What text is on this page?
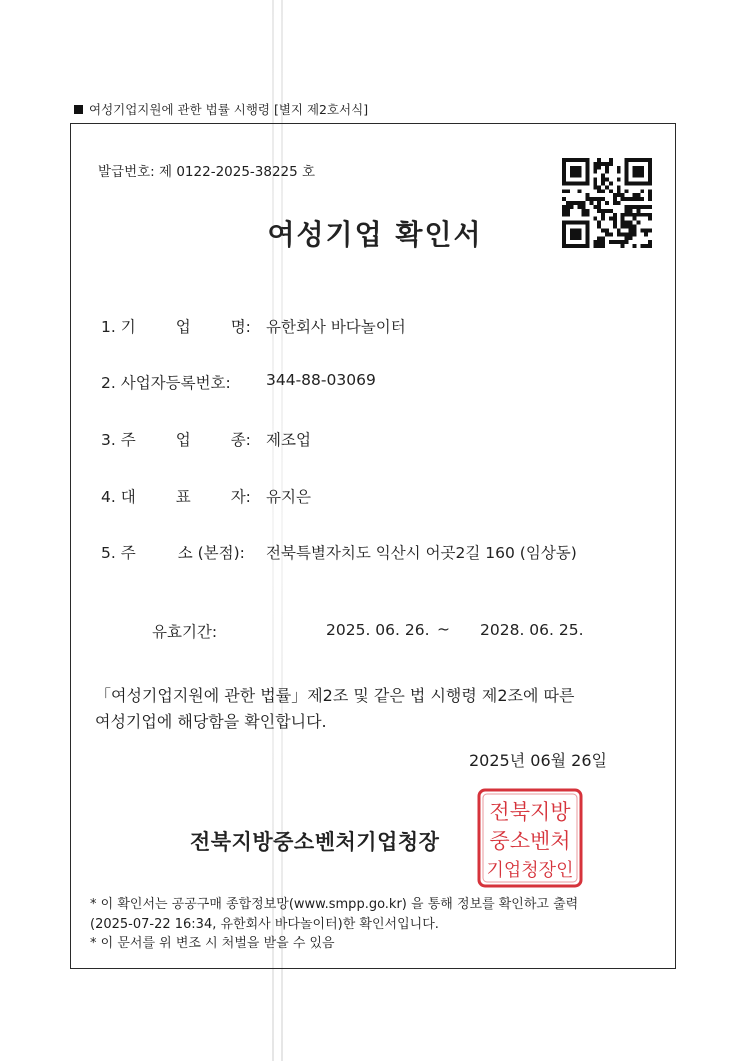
여성기업지원에 관한 법률 시행령 [별지 제2호서식]
발급번호: 제 0122-2025-38225 호
여성기업 확인서
1. 기	업	명: 유한회사 바다놀이터
2. 사업자등록번호: 344-88-03069
3. 주	업	종: 제조업
4. 대	표	자: 유지은
5. 주	소 (본점): 전북특별자치도 익산시 어곳2길 160 (임상동)
유효기간:	2025. 06. 26. ~ 2028. 06. 25.
「여성기업지원에 관한 법률」제2조 및 같은 법 시행령 제2조에 따른
여성기업에 해당함을 확인합니다.
2025년 06월 26일
전북지방중소벤처기업청장
전북지방
중소벤처
기업청장인
* 이 확인서는 공공구매 종합정보망(www.smpp.go.kr) 을 통해 정보를 확인하고 출력
(2025-07-22 16:34, 유한회사 바다놀이터)한 확인서입니다.
* 이 문서를 위 변조 시 처벌을 받을 수 있음
